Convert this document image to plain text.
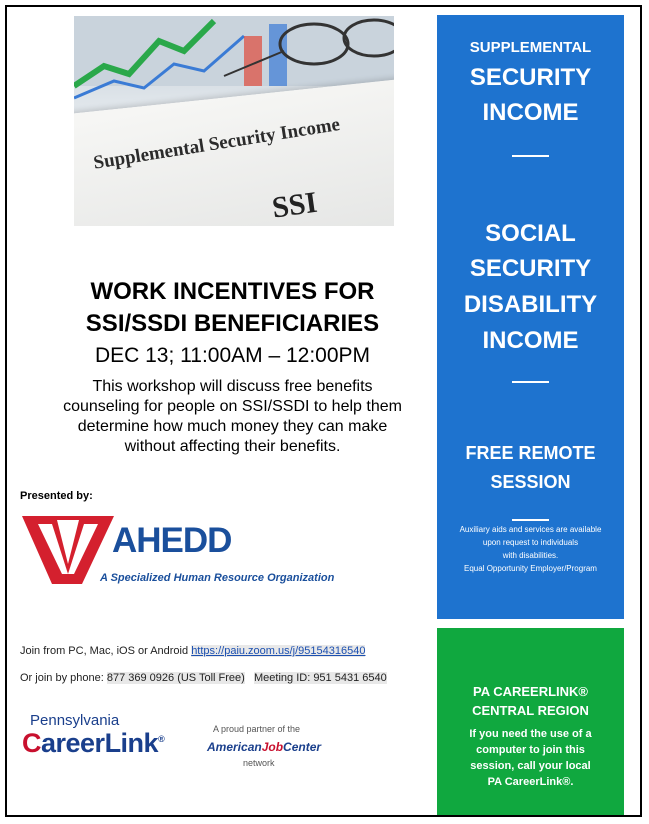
Supplemental Security Income
SSI
WORK INCENTIVES FOR
SSI/SSDI BENEFICIARIES
DEC 13; 11:00AM – 12:00PM
This workshop will discuss free benefits
counseling for people on SSI/SSDI to help them
determine how much money they can make
without affecting their benefits.
Presented by:
AHEDD
A Specialized Human Resource Organization
Join from PC, Mac, iOS or Android https://paiu.zoom.us/j/95154316540
Or join by phone: 877 369 0926 (US Toll Free) Meeting ID: 951 5431 6540
Pennsylvania
CareerLink®
A proud partner of the
AmericanJobCenter
network
SUPPLEMENTAL
SECURITY
INCOME
SOCIAL
SECURITY
DISABILITY
INCOME
FREE REMOTE
SESSION
Auxiliary aids and services are available
upon request to individuals
with disabilities.
Equal Opportunity Employer/Program
PA CAREERLINK®
CENTRAL REGION
If you need the use of a
computer to join this
session, call your local
PA CareerLink®.
